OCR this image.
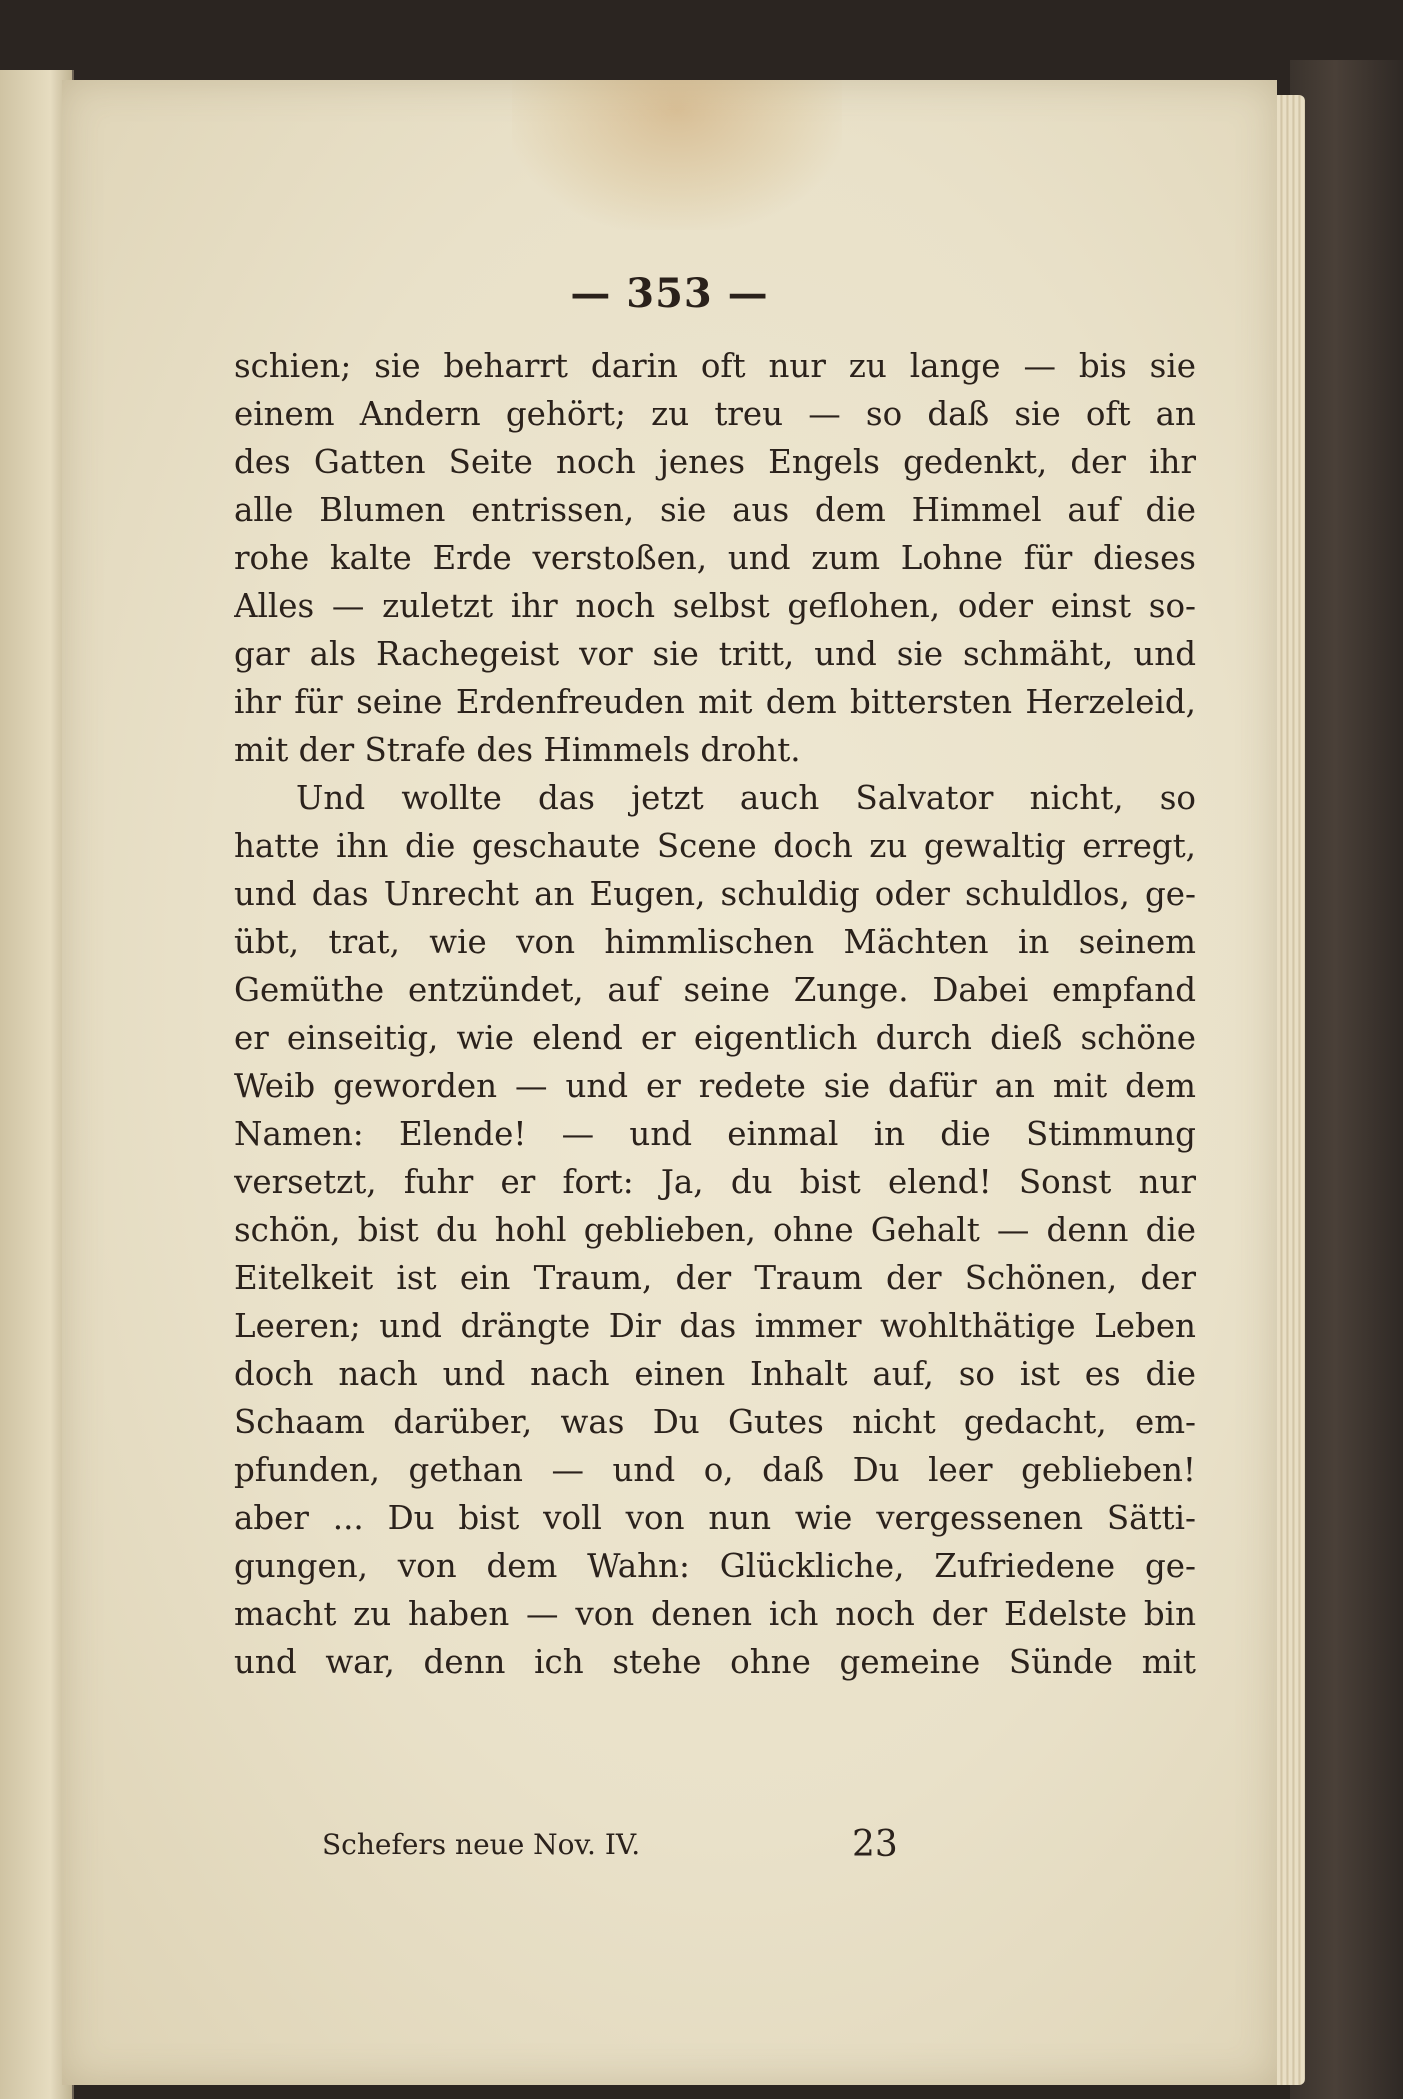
— 353 —
schien; sie beharrt darin oft nur zu lange — bis sie
einem Andern gehört; zu treu — so daß sie oft an
des Gatten Seite noch jenes Engels gedenkt, der ihr
alle Blumen entrissen, sie aus dem Himmel auf die
rohe kalte Erde verstoßen, und zum Lohne für dieses
Alles — zuletzt ihr noch selbst geflohen, oder einst so-
gar als Rachegeist vor sie tritt, und sie schmäht, und
ihr für seine Erdenfreuden mit dem bittersten Herzeleid,
mit der Strafe des Himmels droht.
Und wollte das jetzt auch Salvator nicht, so
hatte ihn die geschaute Scene doch zu gewaltig erregt,
und das Unrecht an Eugen, schuldig oder schuldlos, ge-
übt, trat, wie von himmlischen Mächten in seinem
Gemüthe entzündet, auf seine Zunge. Dabei empfand
er einseitig, wie elend er eigentlich durch dieß schöne
Weib geworden — und er redete sie dafür an mit dem
Namen: Elende! — und einmal in die Stimmung
versetzt, fuhr er fort: Ja, du bist elend! Sonst nur
schön, bist du hohl geblieben, ohne Gehalt — denn die
Eitelkeit ist ein Traum, der Traum der Schönen, der
Leeren; und drängte Dir das immer wohlthätige Leben
doch nach und nach einen Inhalt auf, so ist es die
Schaam darüber, was Du Gutes nicht gedacht, em-
pfunden, gethan — und o, daß Du leer geblieben!
aber ... Du bist voll von nun wie vergessenen Sätti-
gungen, von dem Wahn: Glückliche, Zufriedene ge-
macht zu haben — von denen ich noch der Edelste bin
und war, denn ich stehe ohne gemeine Sünde mit
Schefers neue Nov. IV.	23
